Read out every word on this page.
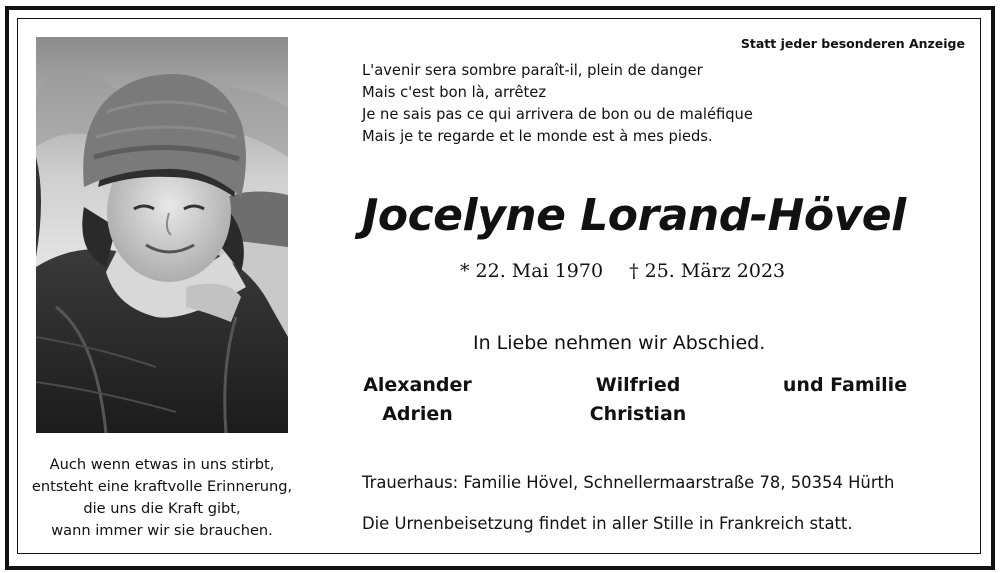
Auch wenn etwas in uns stirbt,
entsteht eine kraftvolle Erinnerung,
die uns die Kraft gibt,
wann immer wir sie brauchen.
Statt jeder besonderen Anzeige
L'avenir sera sombre paraît-il, plein de danger
Mais c'est bon là, arrêtez
Je ne sais pas ce qui arrivera de bon ou de maléfique
Mais je te regarde et le monde est à mes pieds.
Jocelyne Lorand-Hövel
* 22. Mai 1970 † 25. März 2023
In Liebe nehmen wir Abschied.
Alexander
Adrien
Wilfried
Christian
und Familie
Trauerhaus: Familie Hövel, Schnellermaarstraße 78, 50354 Hürth
Die Urnenbeisetzung findet in aller Stille in Frankreich statt.
